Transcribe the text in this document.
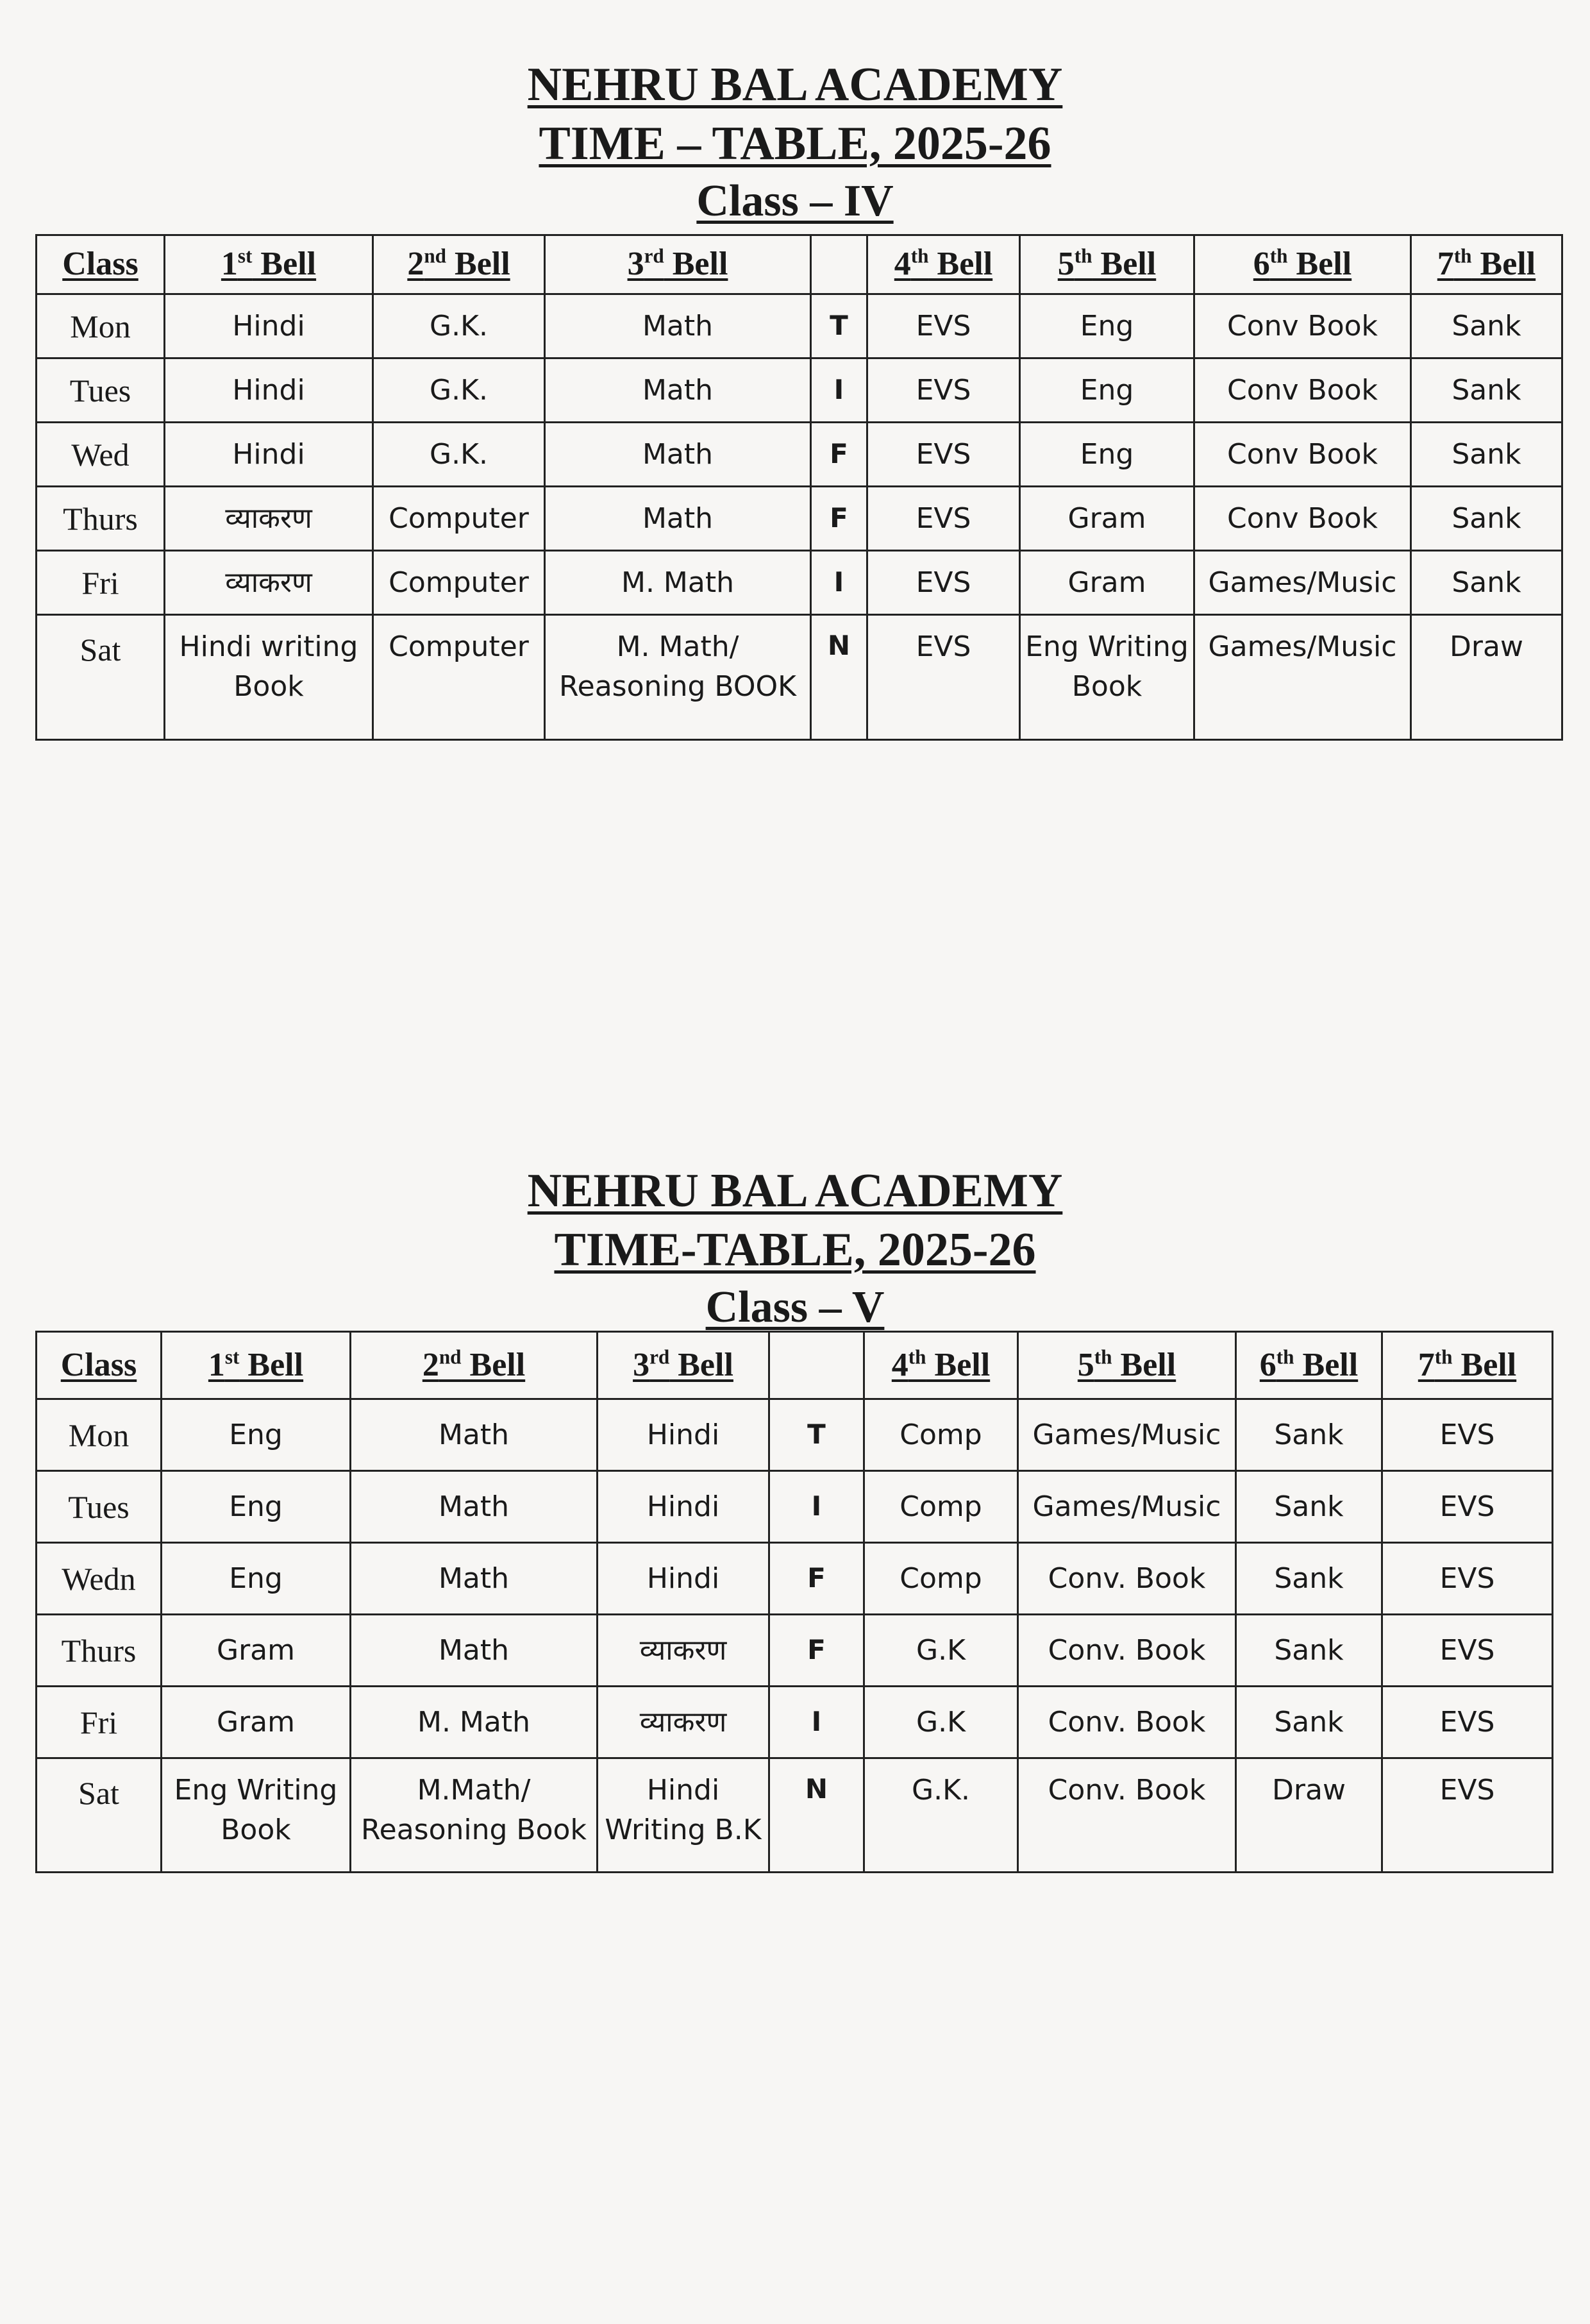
NEHRU BAL ACADEMY
TIME – TABLE, 2025-26
Class – IV
Class	1st Bell	2nd Bell	3rd Bell		4th Bell	5th Bell	6th Bell	7th Bell
Mon	Hindi	G.K.	Math	T	EVS	Eng	Conv Book	Sank
Tues	Hindi	G.K.	Math	I	EVS	Eng	Conv Book	Sank
Wed	Hindi	G.K.	Math	F	EVS	Eng	Conv Book	Sank
Thurs	व्याकरण	Computer	Math	F	EVS	Gram	Conv Book	Sank
Fri	व्याकरण	Computer	M. Math	I	EVS	Gram	Games/Music	Sank
Sat	Hindi writing Book	Computer	M. Math/ Reasoning BOOK	N	EVS	Eng Writing Book	Games/Music	Draw
NEHRU BAL ACADEMY
TIME-TABLE, 2025-26
Class – V
Class	1st Bell	2nd Bell	3rd Bell		4th Bell	5th Bell	6th Bell	7th Bell
Mon	Eng	Math	Hindi	T	Comp	Games/Music	Sank	EVS
Tues	Eng	Math	Hindi	I	Comp	Games/Music	Sank	EVS
Wedn	Eng	Math	Hindi	F	Comp	Conv. Book	Sank	EVS
Thurs	Gram	Math	व्याकरण	F	G.K	Conv. Book	Sank	EVS
Fri	Gram	M. Math	व्याकरण	I	G.K	Conv. Book	Sank	EVS
Sat	Eng Writing Book	M.Math/ Reasoning Book	Hindi Writing B.K	N	G.K.	Conv. Book	Draw	EVS
